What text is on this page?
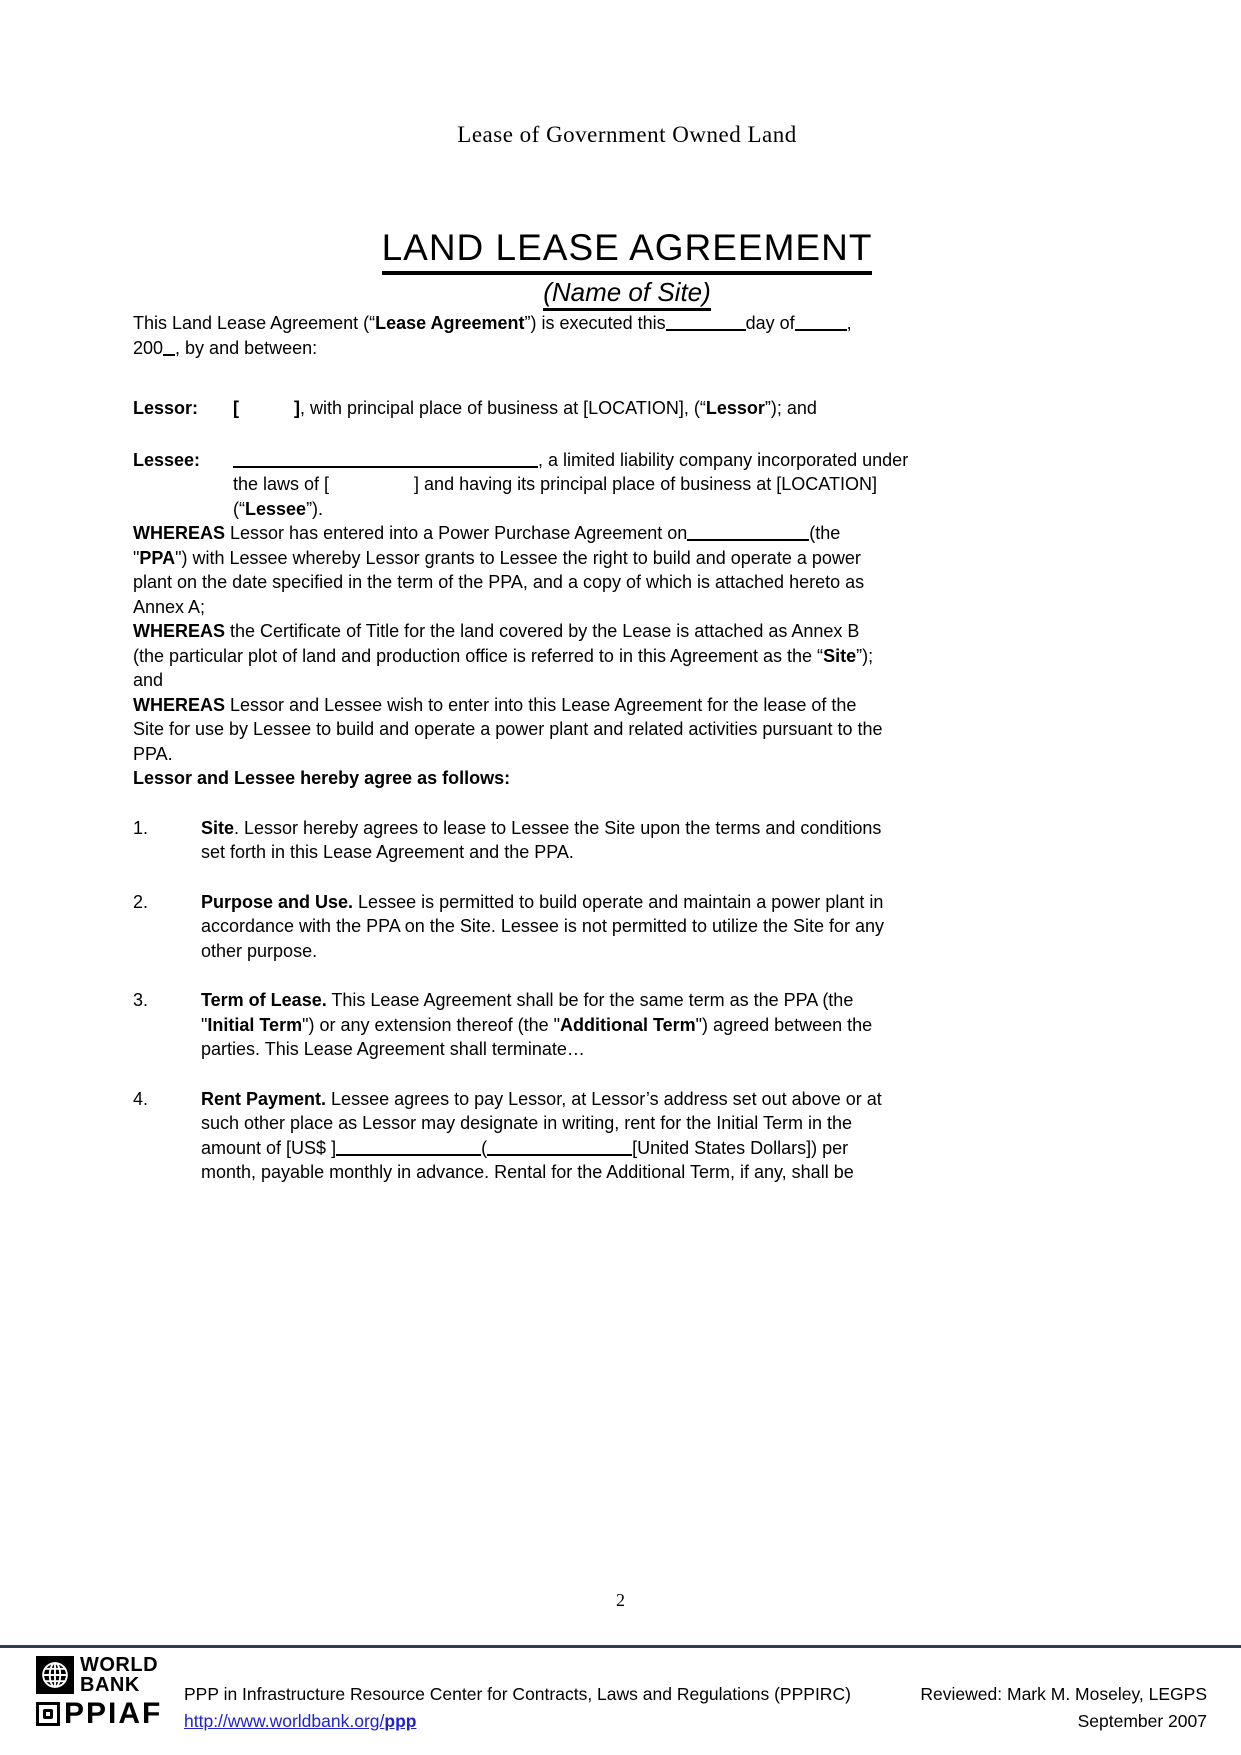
Lease of Government Owned Land

LAND LEASE AGREEMENT
(Name of Site)

This Land Lease Agreement (“Lease Agreement”) is executed this	day of	,
200 , by and between:

Lessor:	[	], with principal place of business at [LOCATION], (“Lessor”); and
Lessee:	, a limited liability company incorporated under
the laws of [	] and having its principal place of business at [LOCATION]
(“Lessee”).

WHEREAS Lessor has entered into a Power Purchase Agreement on	(the
"PPA") with Lessee whereby Lessor grants to Lessee the right to build and operate a power
plant on the date specified in the term of the PPA, and a copy of which is attached hereto as
Annex A;

WHEREAS the Certificate of Title for the land covered by the Lease is attached as Annex B
(the particular plot of land and production office is referred to in this Agreement as the “Site”);
and

WHEREAS Lessor and Lessee wish to enter into this Lease Agreement for the lease of the
Site for use by Lessee to build and operate a power plant and related activities pursuant to the
PPA.

Lessor and Lessee hereby agree as follows:

1.	Site. Lessor hereby agrees to lease to Lessee the Site upon the terms and conditions
set forth in this Lease Agreement and the PPA.
2.	Purpose and Use. Lessee is permitted to build operate and maintain a power plant in
accordance with the PPA on the Site. Lessee is not permitted to utilize the Site for any
other purpose.
3.	Term of Lease. This Lease Agreement shall be for the same term as the PPA (the
"Initial Term") or any extension thereof (the "Additional Term") agreed between the
parties. This Lease Agreement shall terminate…
4.	Rent Payment. Lessee agrees to pay Lessor, at Lessor’s address set out above or at
such other place as Lessor may designate in writing, rent for the Initial Term in the
amount of [US$ ]	(	[United States Dollars]) per
month, payable monthly in advance. Rental for the Additional Term, if any, shall be
2
WORLD
BANK
PPIAF
PPP in Infrastructure Resource Center for Contracts, Laws and Regulations (PPPIRC)
http://www.worldbank.org/ppp
Reviewed: Mark M. Moseley, LEGPS
September 2007
